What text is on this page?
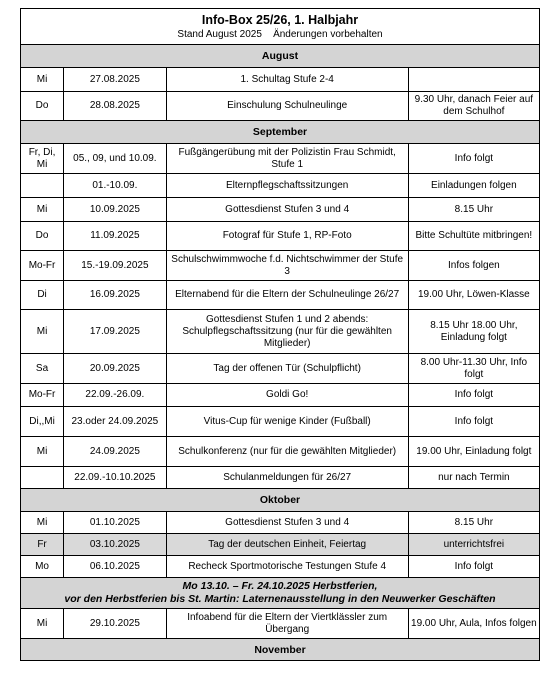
Info-Box 25/26, 1. Halbjahr
Stand August 2025 Änderungen vorbehalten			

August			
Mi	27.08.2025	1. Schultag Stufe 2-4	
Do	28.08.2025	Einschulung Schulneulinge	9.30 Uhr, danach Feier auf dem Schulhof
September			
Fr, Di, Mi	05., 09, und 10.09.	Fußgängerübung mit der Polizistin Frau Schmidt, Stufe 1	Info folgt
	01.-10.09.	Elternpflegschaftssitzungen	Einladungen folgen
Mi	10.09.2025	Gottesdienst Stufen 3 und 4	8.15 Uhr
Do	11.09.2025	Fotograf für Stufe 1, RP-Foto	Bitte Schultüte mitbringen!
Mo-Fr	15.-19.09.2025	Schulschwimmwoche f.d. Nichtschwimmer der Stufe 3	Infos folgen
Di	16.09.2025	Elternabend für die Eltern der Schulneulinge 26/27	19.00 Uhr, Löwen-Klasse
Mi	17.09.2025	Gottesdienst Stufen 1 und 2 abends: Schulpflegschaftssitzung (nur für die gewählten Mitglieder)	8.15 Uhr 18.00 Uhr, Einladung folgt
Sa	20.09.2025	Tag der offenen Tür (Schulpflicht)	8.00 Uhr-11.30 Uhr, Info folgt
Mo-Fr	22.09.-26.09.	Goldi Go!	Info folgt
Di,,Mi	23.oder 24.09.2025	Vitus-Cup für wenige Kinder (Fußball)	Info folgt
Mi	24.09.2025	Schulkonferenz (nur für die gewählten Mitglieder)	19.00 Uhr, Einladung folgt
	22.09.-10.10.2025	Schulanmeldungen für 26/27	nur nach Termin
Oktober			
Mi	01.10.2025	Gottesdienst Stufen 3 und 4	8.15 Uhr
Fr	03.10.2025	Tag der deutschen Einheit, Feiertag	unterrichtsfrei
Mo	06.10.2025	Recheck Sportmotorische Testungen Stufe 4	Info folgt

Mo 13.10. – Fr. 24.10.2025 Herbstferien,
vor den Herbstferien bis St. Martin: Laternenausstellung in den Neuwerker Geschäften			

Mi	29.10.2025	Infoabend für die Eltern der Viertklässler zum Übergang	19.00 Uhr, Aula, Infos folgen
November			
